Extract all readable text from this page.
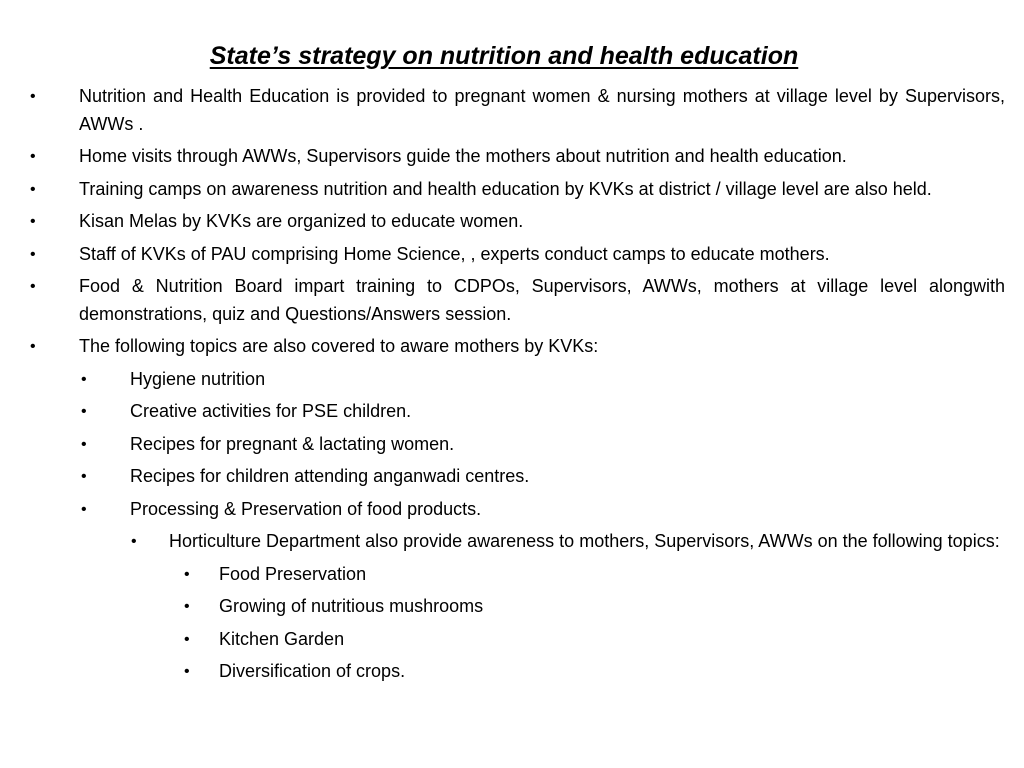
State’s strategy on nutrition and health education
• Nutrition and Health Education is provided to pregnant women & nursing mothers at village level by Supervisors, AWWs .
• Home visits through AWWs, Supervisors guide the mothers about nutrition and health education.
• Training camps on awareness nutrition and health education by KVKs at district / village level are also held.
• Kisan Melas by KVKs are organized to educate women.
• Staff of KVKs of PAU comprising Home Science, , experts conduct camps to educate mothers.
• Food & Nutrition Board impart training to CDPOs, Supervisors, AWWs, mothers at village level alongwith demonstrations, quiz and Questions/Answers session.
• The following topics are also covered to aware mothers by KVKs:
• Hygiene nutrition
• Creative activities for PSE children.
• Recipes for pregnant & lactating women.
• Recipes for children attending anganwadi centres.
• Processing & Preservation of food products.
• Horticulture Department also provide awareness to mothers, Supervisors, AWWs on the following topics:
• Food Preservation
• Growing of nutritious mushrooms
• Kitchen Garden
• Diversification of crops.
